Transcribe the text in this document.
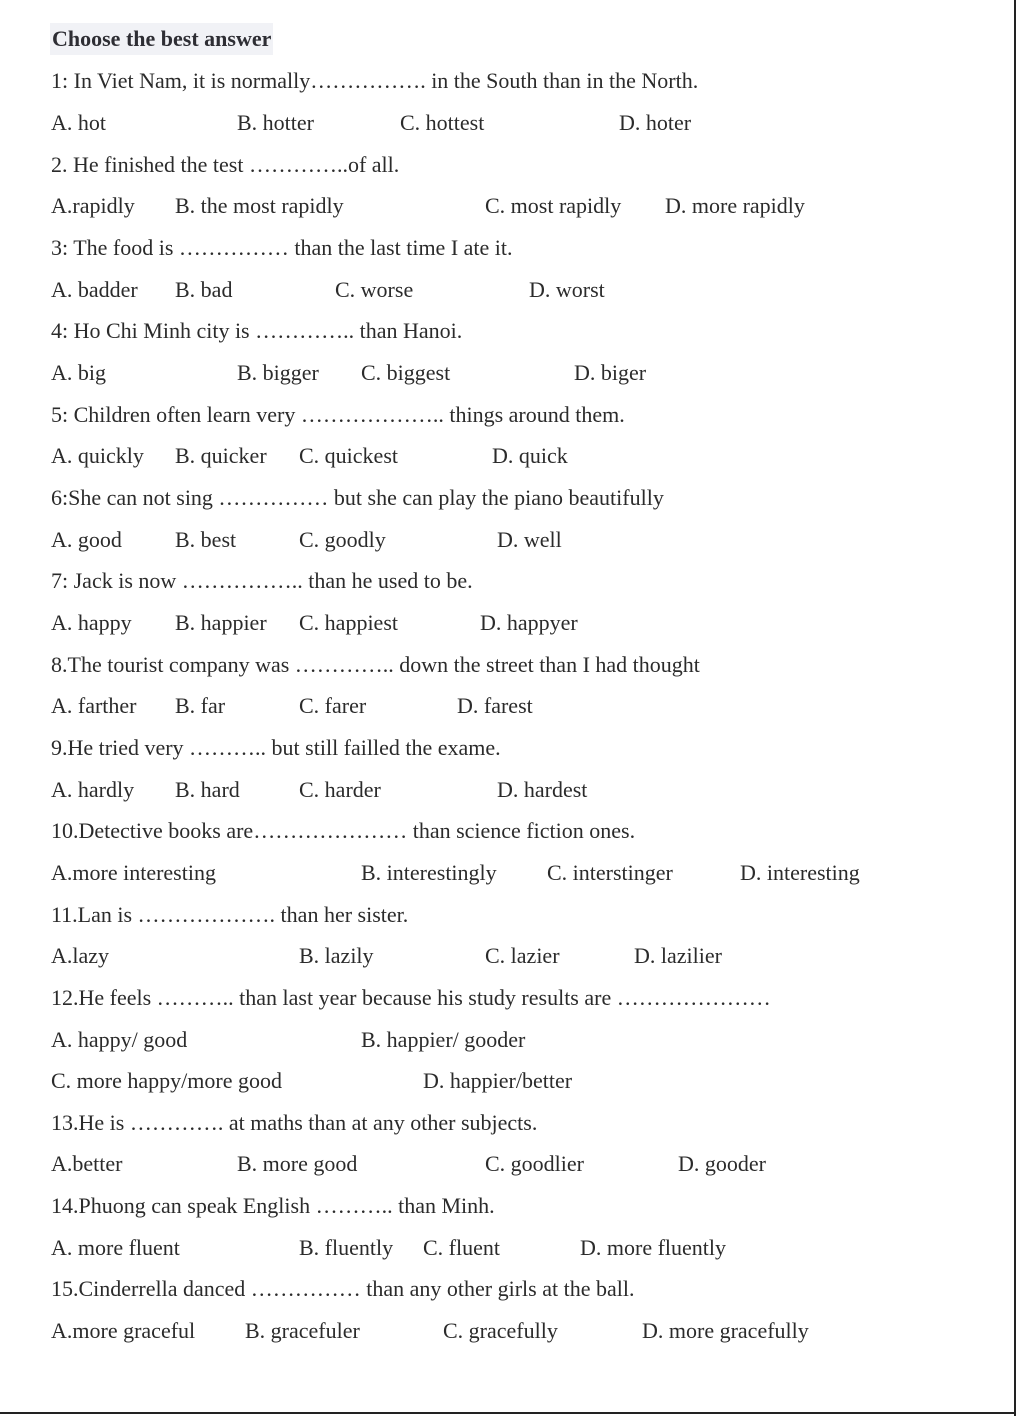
Choose the best answer
1: In Viet Nam, it is normally……………. in the South than in the North.
A. hot	B. hotter	C. hottest	D. hoter
2. He finished the test …………..of all.
A.rapidly B. the most rapidly	C. most rapidly D. more rapidly
3: The food is …………… than the last time I ate it.
A. badder B. bad	C. worse	D. worst
4: Ho Chi Minh city is ………….. than Hanoi.
A. big	B. bigger C. biggest	D. biger
5: Children often learn very ……………….. things around them.
A. quickly B. quicker C. quickest	D. quick
6:She can not sing …………… but she can play the piano beautifully
A. good B. best	C. goodly	D. well
7: Jack is now …………….. than he used to be.
A. happy B. happier C. happiest	D. happyer
8.The tourist company was ………….. down the street than I had thought
A. farther B. far	C. farer	D. farest
9.He tried very ……….. but still failled the exame.
A. hardly B. hard	C. harder	D. hardest
10.Detective books are………………… than science fiction ones.
A.more interesting	B. interestingly C. interstinger	D. interesting
11.Lan is ………………. than her sister.
A.lazy	B. lazily	C. lazier	D. lazilier
12.He feels ……….. than last year because his study results are …………………
A. happy/ good	B. happier/ gooder
C. more happy/more good	D. happier/better
13.He is …………. at maths than at any other subjects.
A.better	B. more good	C. goodlier	D. gooder
14.Phuong can speak English ……….. than Minh.
A. more fluent	B. fluently C. fluent	D. more fluently
15.Cinderrella danced …………… than any other girls at the ball.
A.more graceful B. gracefuler	C. gracefully	D. more gracefully
